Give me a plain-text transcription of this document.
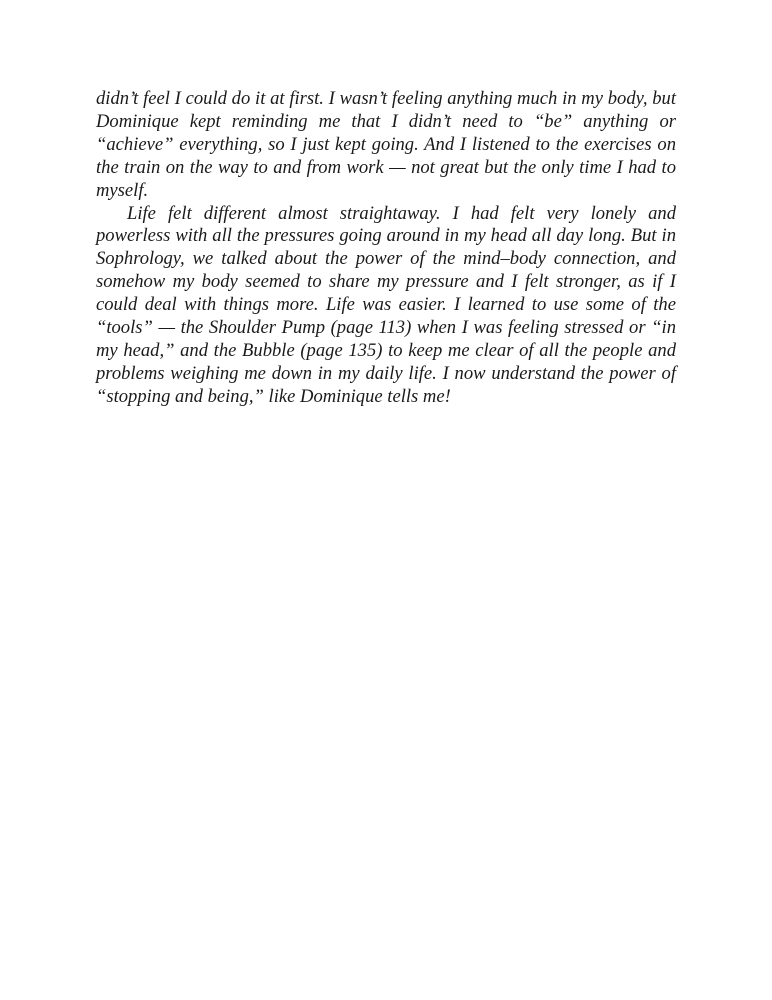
didn’t feel I could do it at first. I wasn’t feeling anything much in my body, but Dominique kept reminding me that I didn’t need to “be” anything or “achieve” everything, so I just kept going. And I listened to the exercises on the train on the way to and from work — not great but the only time I had to myself.

Life felt different almost straightaway. I had felt very lonely and powerless with all the pressures going around in my head all day long. But in Sophrology, we talked about the power of the mind–body connection, and somehow my body seemed to share my pressure and I felt stronger, as if I could deal with things more. Life was easier. I learned to use some of the “tools” — the Shoulder Pump (page 113) when I was feeling stressed or “in my head,” and the Bubble (page 135) to keep me clear of all the people and problems weighing me down in my daily life. I now understand the power of “stopping and being,” like Dominique tells me!
